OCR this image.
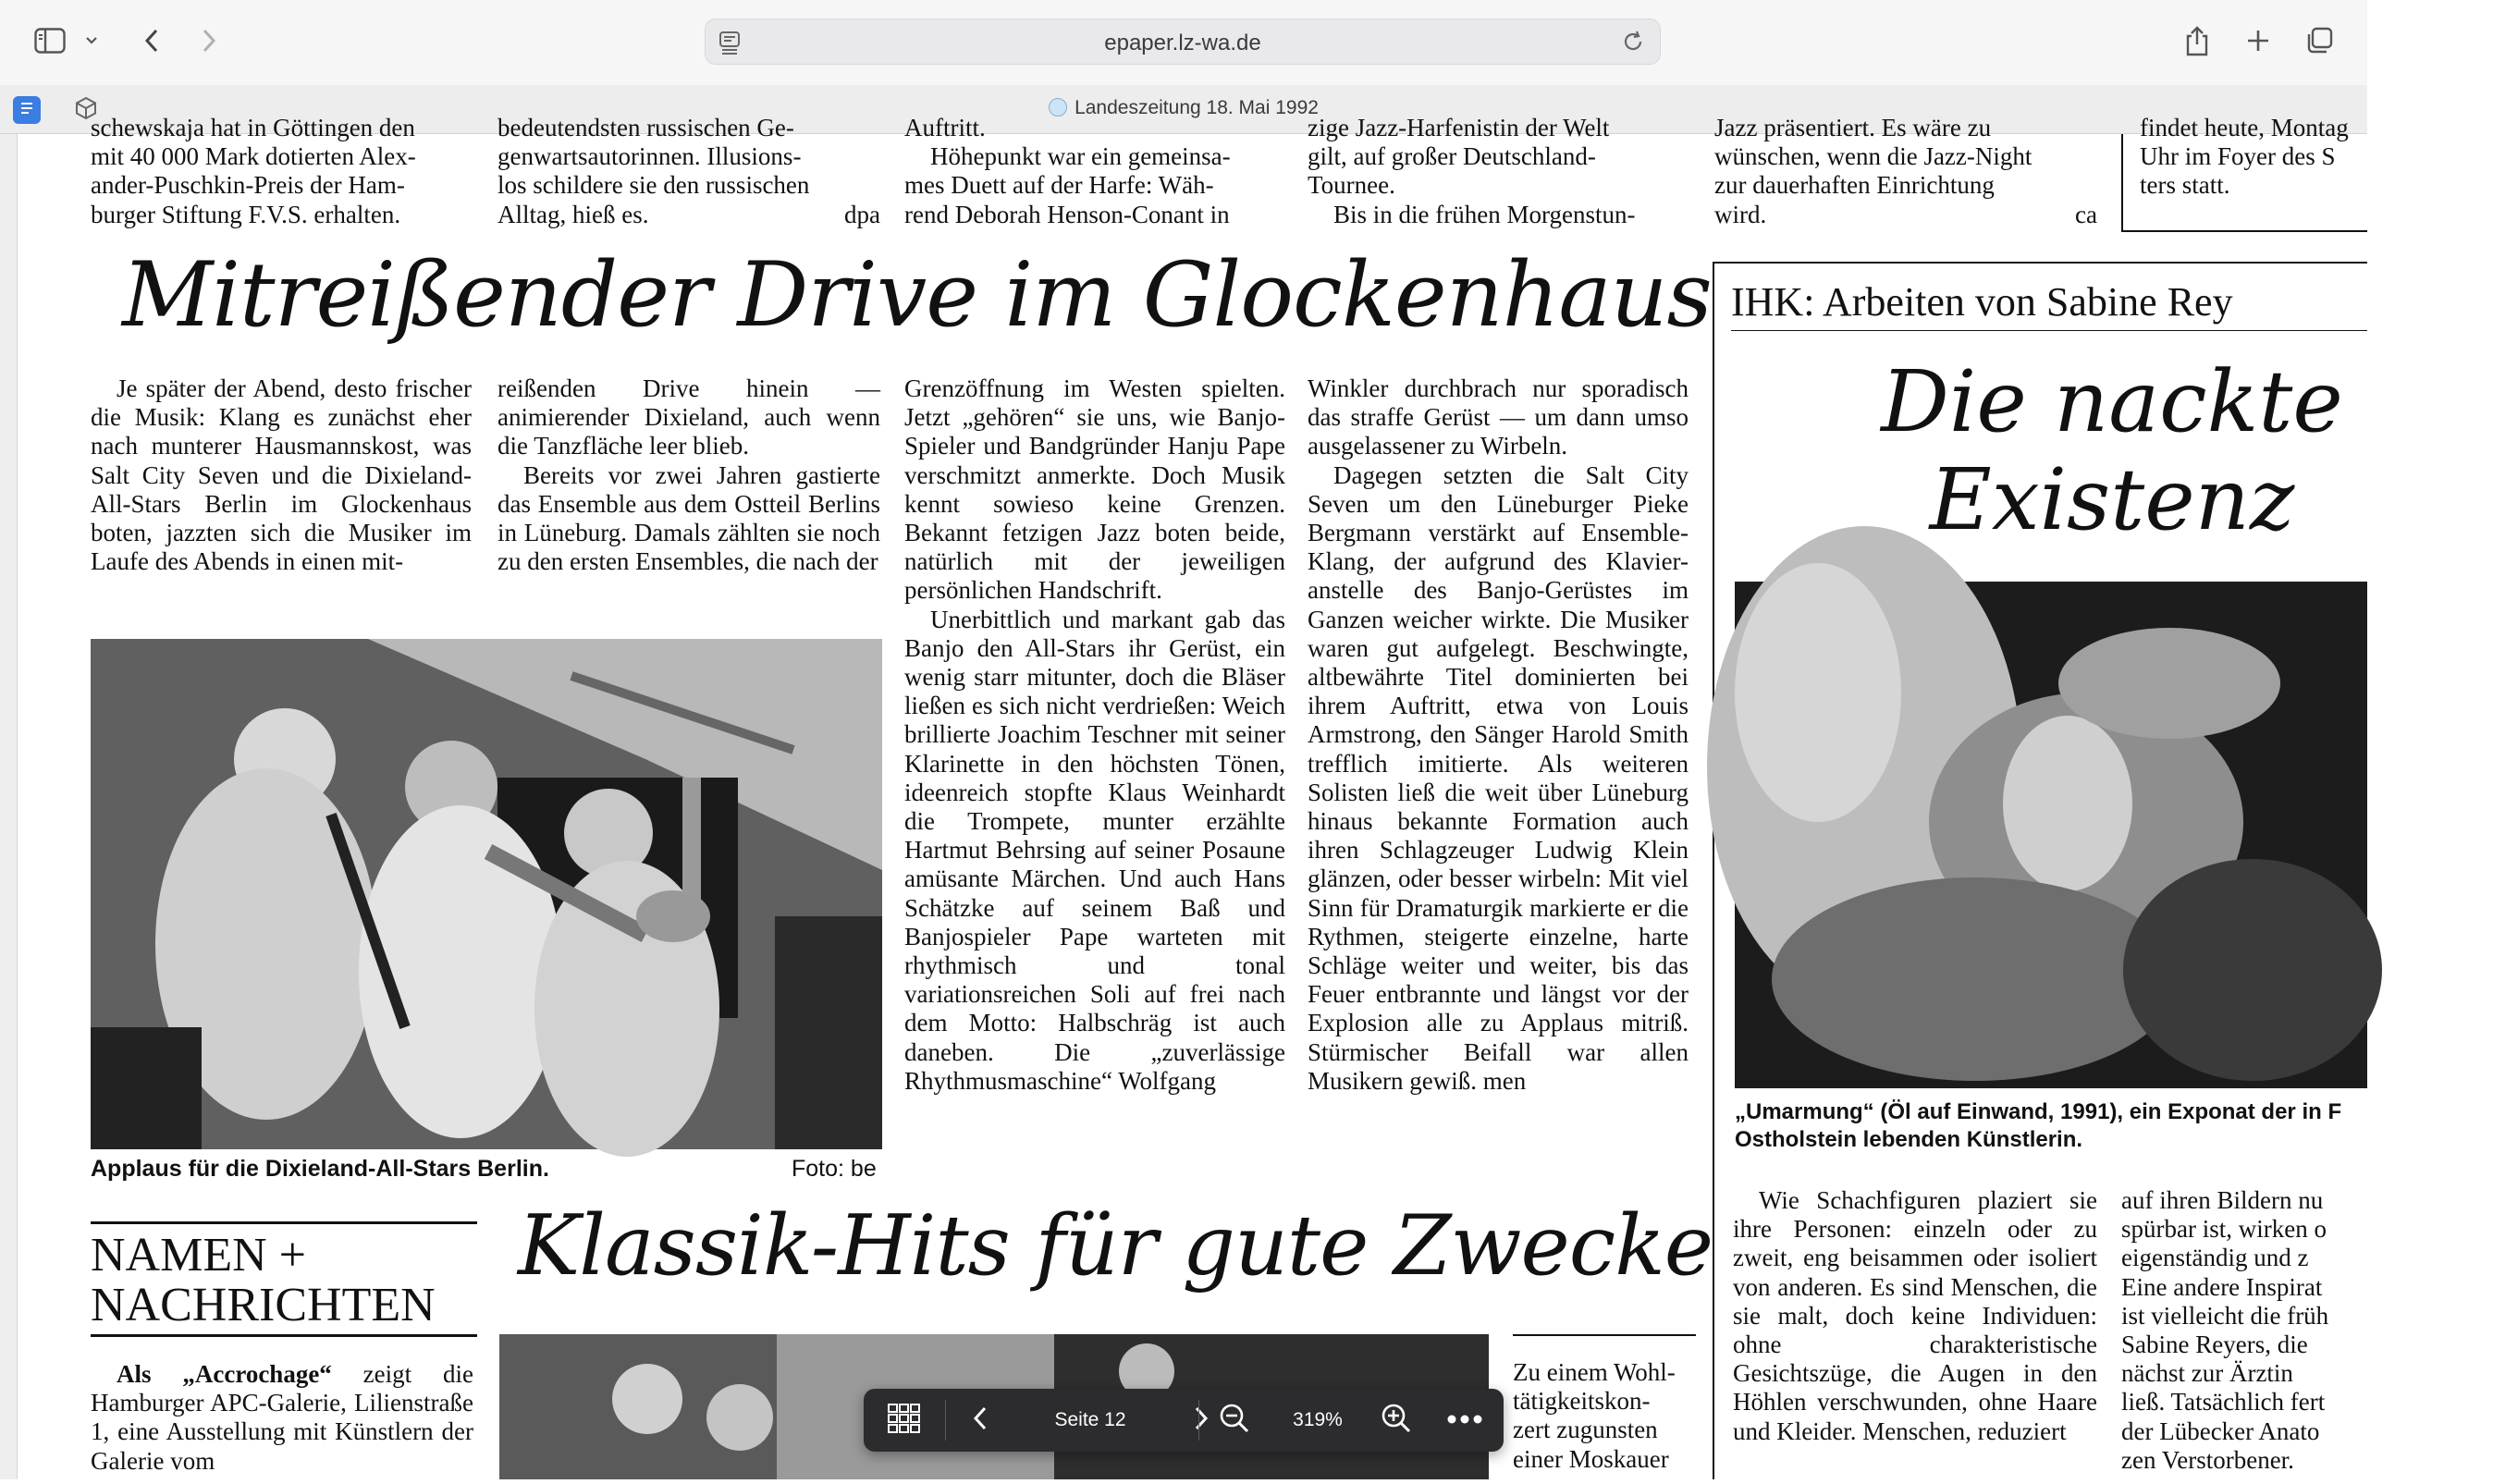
epaper.lz-wa.de
Landeszeitung 18. Mai 1992
schewskaja hat in Göttingen den
mit 40 000 Mark dotierten Alex-
ander-Puschkin-Preis der Ham-
burger Stiftung F.V.S. erhalten.
bedeutendsten russischen Ge-
genwartsautorinnen. Illusions-
los schildere sie den russischen
Alltag, hieß es.	dpa
Auftritt.
Höhepunkt war ein gemeinsa-
mes Duett auf der Harfe: Wäh-
rend Deborah Henson-Conant in
zige Jazz-Harfenistin der Welt
gilt, auf großer Deutschland-
Tournee.
Bis in die frühen Morgenstun-
Jazz präsentiert. Es wäre zu
wünschen, wenn die Jazz-Night
zur dauerhaften Einrichtung
wird.	ca
findet heute, Montag
Uhr im Foyer des S
ters statt.
Mitreißender Drive im Glockenhaus

Je später der Abend, desto frischer die Musik: Klang es zunächst eher nach munterer Hausmannskost, was Salt City Seven und die Dixieland-All-Stars Berlin im Glockenhaus boten, jazzten sich die Musiker im Laufe des Abends in einen mit-

reißenden Drive hinein — animierender Dixieland, auch wenn die Tanzfläche leer blieb.

Bereits vor zwei Jahren gastierte das Ensemble aus dem Ostteil Berlins in Lüneburg. Damals zählten sie noch zu den ersten Ensembles, die nach der

Grenzöffnung im Westen spielten. Jetzt „gehören“ sie uns, wie Banjo-Spieler und Bandgründer Hanju Pape verschmitzt anmerkte. Doch Musik kennt sowieso keine Grenzen. Bekannt fetzigen Jazz boten beide, natürlich mit der jeweiligen persönlichen Handschrift.

Unerbittlich und markant gab das Banjo den All-Stars ihr Gerüst, ein wenig starr mitunter, doch die Bläser ließen es sich nicht verdrießen: Weich brillierte Joachim Teschner mit seiner Klarinette in den höchsten Tönen, ideenreich stopfte Klaus Weinhardt die Trompete, munter erzählte Hartmut Behrsing auf seiner Posaune amüsante Märchen. Und auch Hans Schätzke auf seinem Baß und Banjospieler Pape warteten mit rhythmisch und tonal variationsreichen Soli auf frei nach dem Motto: Halbschräg ist auch daneben. Die „zuverlässige Rhythmusmaschine“ Wolfgang

Winkler durchbrach nur sporadisch das straffe Gerüst — um dann umso ausgelassener zu Wirbeln.

Dagegen setzten die Salt City Seven um den Lüneburger Pieke Bergmann verstärkt auf Ensemble-Klang, der aufgrund des Klavier- anstelle des Banjo-Gerüstes im Ganzen weicher wirkte. Die Musiker waren gut aufgelegt. Beschwingte, altbewährte Titel dominierten bei ihrem Auftritt, etwa von Louis Armstrong, den Sänger Harold Smith trefflich imitierte. Als weiteren Solisten ließ die weit über Lüneburg hinaus bekannte Formation auch ihren Schlagzeuger Ludwig Klein glänzen, oder besser wirbeln: Mit viel Sinn für Dramaturgik markierte er die Rythmen, steigerte einzelne, harte Schläge weiter und weiter, bis das Feuer entbrannte und längst vor der Explosion alle zu Applaus mitriß. Stürmischer Beifall war allen Musikern gewiß. men

Applaus für die Dixieland-All-Stars Berlin.	Foto: be
IHK: Arbeiten von Sabine Rey
Die nackte
Existenz
„Umarmung“ (Öl auf Einwand, 1991), ein Exponat der in F
Ostholstein lebenden Künstlerin.

Wie Schachfiguren plaziert sie ihre Personen: einzeln oder zu zweit, eng beisammen oder isoliert von anderen. Es sind Menschen, die sie malt, doch keine Individuen: ohne charakteristische Gesichtszüge, die Augen in den Höhlen verschwunden, ohne Haare und Kleider. Menschen, reduziert

auf ihren Bildern nu
spürbar ist, wirken o
eigenständig und z
Eine andere Inspirat
ist vielleicht die früh
Sabine Reyers, die
nächst zur Ärztin
ließ. Tatsächlich fert
der Lübecker Anato
zen Verstorbener.
NAMEN +
NACHRICHTEN

Als „Accrochage“ zeigt die Hamburger APC-Galerie, Lilienstraße 1, eine Ausstellung mit Künstlern der Galerie vom

Klassik-Hits für gute Zwecke
Zu einem Wohl-
tätigkeitskon-
zert zugunsten
einer Moskauer
Seite 12	319%
